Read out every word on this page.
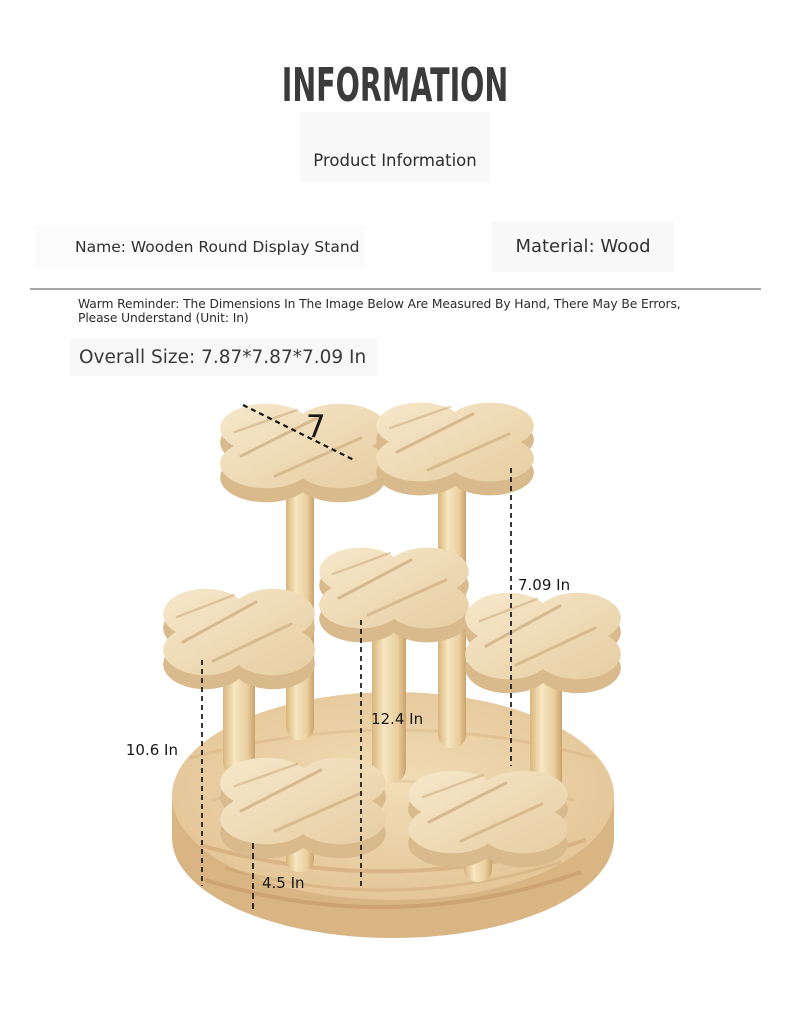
INFORMATION
Product Information
Name: Wooden Round Display Stand	Material: Wood
Warm Reminder: The Dimensions In The Image Below Are Measured By Hand, There May Be Errors,
Please Understand (Unit: In)
Overall Size: 7.87*7.87*7.09 In
7
7.09 In
12.4 In
10.6 In
4.5 In
